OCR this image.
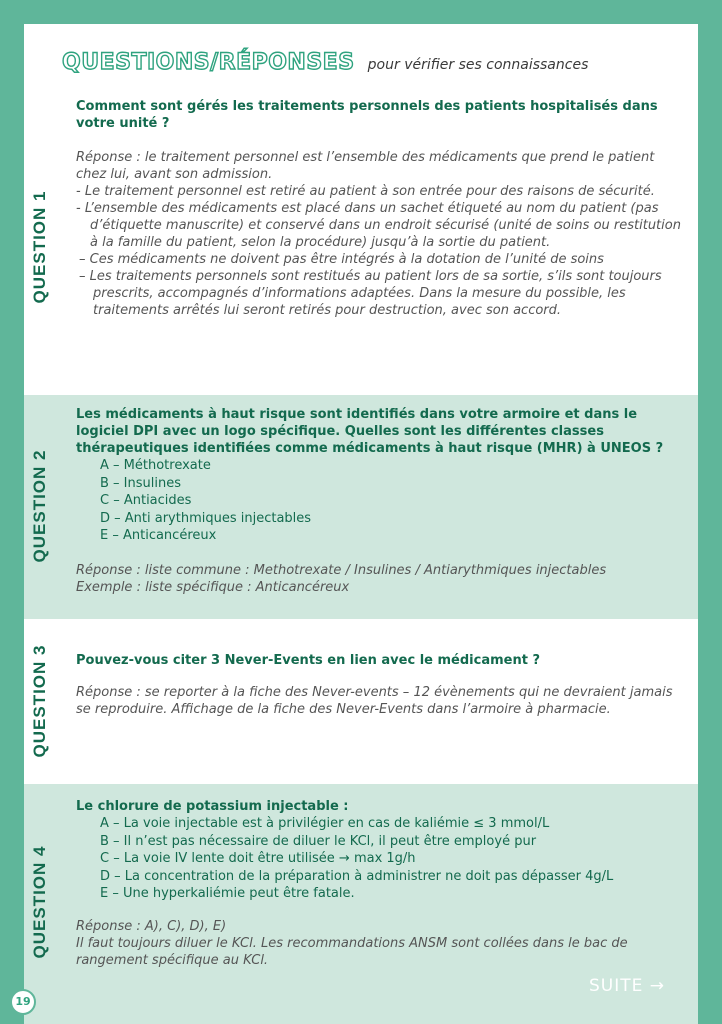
QUESTIONS/RÉPONSES pour vérifier ses connaissances
QUESTION 1

Comment sont gérés les traitements personnels des patients hospitalisés dans votre unité ?

Réponse : le traitement personnel est l’ensemble des médicaments que prend le patient chez lui, avant son admission.

- Le traitement personnel est retiré au patient à son entrée pour des raisons de sécurité.
- L’ensemble des médicaments est placé dans un sachet étiqueté au nom du patient (pas d’étiquette manuscrite) et conservé dans un endroit sécurisé (unité de soins ou restitution à la famille du patient, selon la procédure) jusqu’à la sortie du patient.
– Ces médicaments ne doivent pas être intégrés à la dotation de l’unité de soins
– Les traitements personnels sont restitués au patient lors de sa sortie, s’ils sont toujours prescrits, accompagnés d’informations adaptées. Dans la mesure du possible, les traitements arrêtés lui seront retirés pour destruction, avec son accord.
QUESTION 2

Les médicaments à haut risque sont identifiés dans votre armoire et dans le logiciel DPI avec un logo spécifique. Quelles sont les différentes classes thérapeutiques identifiées comme médicaments à haut risque (MHR) à UNEOS ?

A – Méthotrexate

B – Insulines

C – Antiacides

D – Anti arythmiques injectables

E – Anticancéreux

Réponse : liste commune : Methotrexate / Insulines / Antiarythmiques injectables

Exemple : liste spécifique : Anticancéreux

QUESTION 3 Pouvez-vous citer 3 Never-Events en lien avec le médicament ?

Réponse : se reporter à la fiche des Never-events – 12 évènements qui ne devraient jamais se reproduire. Affichage de la fiche des Never-Events dans l’armoire à pharmacie.

QUESTION 4

Le chlorure de potassium injectable :

A – La voie injectable est à privilégier en cas de kaliémie ≤ 3 mmol/L

B – Il n’est pas nécessaire de diluer le KCl, il peut être employé pur

C – La voie IV lente doit être utilisée → max 1g/h

D – La concentration de la préparation à administrer ne doit pas dépasser 4g/L

E – Une hyperkaliémie peut être fatale.

Réponse : A), C), D), E)

Il faut toujours diluer le KCl. Les recommandations ANSM sont collées dans le bac de rangement spécifique au KCl.

19
SUITE →
